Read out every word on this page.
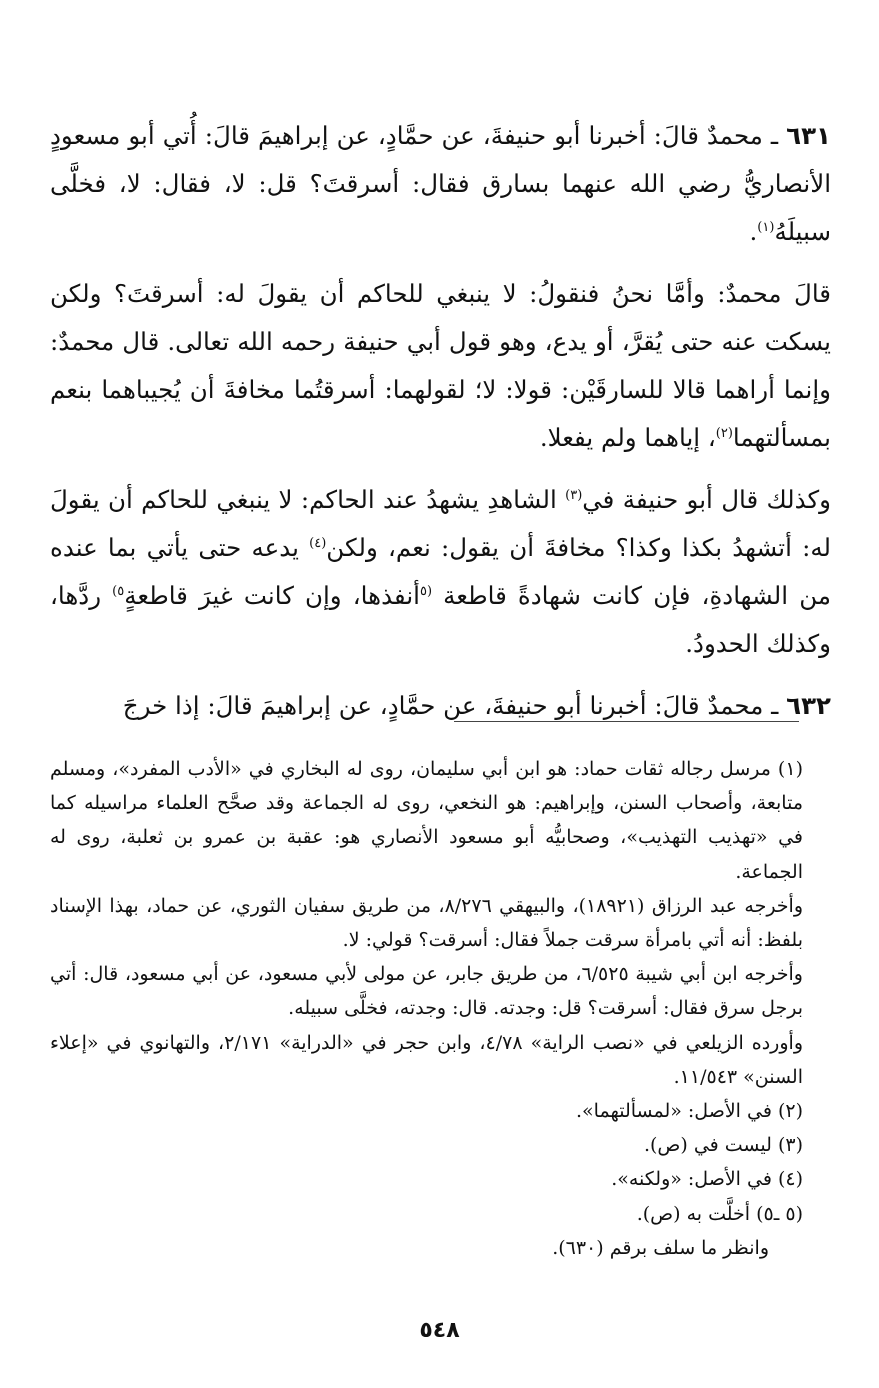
٦٣١ ـ محمدٌ قالَ: أخبرنا أبو حنيفةَ، عن حمَّادٍ، عن إبراهيمَ قالَ: أُتي أبو مسعودٍ الأنصاريُّ رضي الله عنهما بسارق فقال: أسرقتَ؟ قل: لا، فقال: لا، فخلَّى سبيلَهُ$^{(١)}$.

قالَ محمدٌ: وأمَّا نحنُ فنقولُ: لا ينبغي للحاكم أن يقولَ له: أسرقتَ؟ ولكن يسكت عنه حتى يُقرَّ، أو يدع، وهو قول أبي حنيفة رحمه الله تعالى. قال محمدٌ: وإنما أراهما قالا للسارقَيْن: قولا: لا؛ لقولهما: أسرقتُما مخافةَ أن يُجيباهما بنعم بمسألتهما$^{(٢)}$، إياهما ولم يفعلا.

وكذلك قال أبو حنيفة في$^{(٣)}$ الشاهدِ يشهدُ عند الحاكم: لا ينبغي للحاكم أن يقولَ له: أتشهدُ بكذا وكذا؟ مخافةَ أن يقول: نعم، ولكن$^{(٤)}$ يدعه حتى يأتي بما عنده من الشهادةِ، فإن كانت شهادةً قاطعة $^{(٥}$أنفذها، وإن كانت غيرَ قاطعةٍ$^{٥)}$ ردَّها، وكذلك الحدودُ.

٦٣٢ ـ محمدٌ قالَ: أخبرنا أبو حنيفةَ، عن حمَّادٍ، عن إبراهيمَ قالَ: إذا خرجَ

(١) مرسل رجاله ثقات حماد: هو ابن أبي سليمان، روى له البخاري في «الأدب المفرد»، ومسلم متابعة، وأصحاب السنن، وإبراهيم: هو النخعي، روى له الجماعة وقد صحَّح العلماء مراسيله كما في «تهذيب التهذيب»، وصحابيُّه أبو مسعود الأنصاري هو: عقبة بن عمرو بن ثعلبة، روى له الجماعة.

وأخرجه عبد الرزاق (١٨٩٢١)، والبيهقي ٨/٢٧٦، من طريق سفيان الثوري، عن حماد، بهذا الإسناد بلفظ: أنه أتي بامرأة سرقت جملاً فقال: أسرقت؟ قولي: لا.

وأخرجه ابن أبي شيبة ٦/٥٢٥، من طريق جابر، عن مولى لأبي مسعود، عن أبي مسعود، قال: أتي برجل سرق فقال: أسرقت؟ قل: وجدته. قال: وجدته، فخلَّى سبيله.

وأورده الزيلعي في «نصب الراية» ٤/٧٨، وابن حجر في «الدراية» ٢/١٧١، والتهانوي في «إعلاء السنن» ١١/٥٤٣.

(٢) في الأصل: «لمسألتهما».

(٣) ليست في (ص).

(٤) في الأصل: «ولكنه».

(٥ ـ٥) أخلَّت به (ص).

وانظر ما سلف برقم (٦٣٠).

٥٤٨
